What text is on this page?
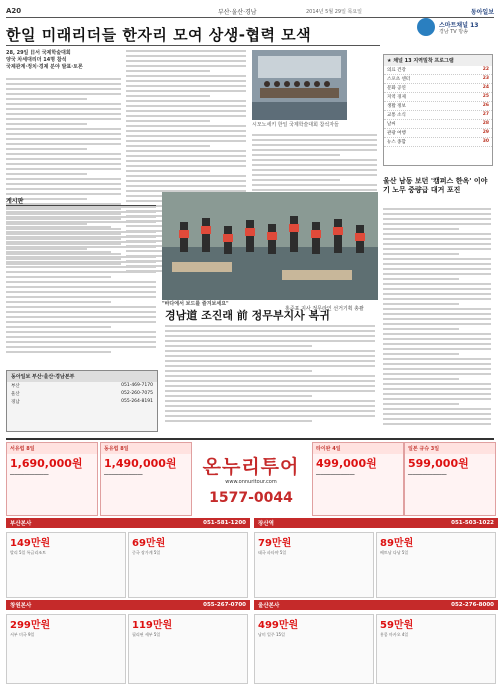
A20	부산·울산·경남	2014년 5월 29일 목요일	동아일보
한일 미래리더들 한자리 모여 상생-협력 모색
스마트채널 13
경남 TV 방송
28, 29일 日서 국제학술대회
양국 차세대리더 14명 참석
국제관계·정치·경제 분야 발표·토론
시모노세키 한일 국제학술대회 참석자들
★ 채널 13 지역밀착 프로그램
의료 건강	22
스포츠 센터	23
문화 공연	24
지역 경제	25
생활 정보	26
교통 소식	27
날씨	28
관광 여행	29
뉴스 종합	30
울산 남동 보던 '캠퍼스 한옥' 이야기 노무 중량급 대거 포진
게시판
"바다에서 보드를 즐겨보세요"
경남道 조진래 前 정무부지사 복귀
홍준표 지사 정무라인 선거기획 총괄
동아일보 부산·울산·경남본부
부산	051-469-7170
울산	052-260-7075
경남	055-264-8191
서유럽 8일
1,690,000원
━━━━━━━━━━━━━━━━
동유럽 8일
1,490,000원
━━━━━━━━━━━━━━━━	온누리투어
www.onnuritour.com
1577-0044
타이완 4일
499,000원
━━━━━━━━━━━━━━━━
일본 규슈 3일
599,000원
━━━━━━━━━━━━━━━━
부산본사	051-581-1200 장산역	051-503-1022
149만원
발리 5일 특급리조트
69만원
중국 장가계 5일
79만원
태국 파타야 5일
89만원
베트남 다낭 5일
창원본사	055-267-0700 울산본사	052-276-8000
299만원
서부 미국 9일
119만원
필리핀 세부 5일
499만원
남미 일주 15일
59만원
홍콩 마카오 4일
